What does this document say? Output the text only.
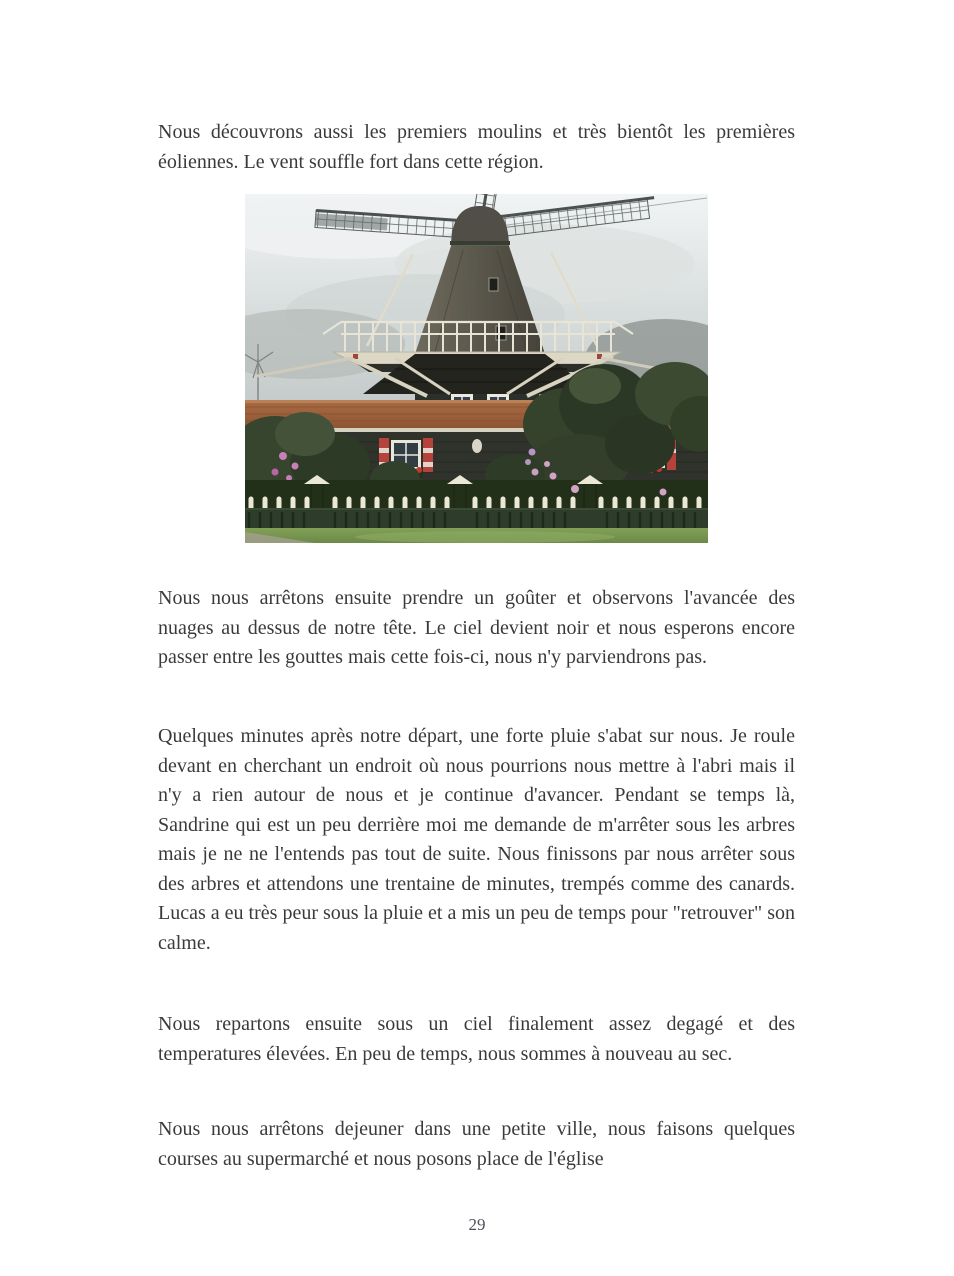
Nous découvrons aussi les premiers moulins et très bientôt les premières éoliennes. Le vent souffle fort dans cette région.

Nous nous arrêtons ensuite prendre un goûter et observons l'avancée des nuages au dessus de notre tête. Le ciel devient noir et nous esperons encore passer entre les gouttes mais cette fois-ci, nous n'y parviendrons pas.

Quelques minutes après notre départ, une forte pluie s'abat sur nous. Je roule devant en cherchant un endroit où nous pourrions nous mettre à l'abri mais il n'y a rien autour de nous et je continue d'avancer. Pendant se temps là, Sandrine qui est un peu derrière moi me demande de m'arrêter sous les arbres mais je ne ne l'entends pas tout de suite. Nous finissons par nous arrêter sous des arbres et attendons une trentaine de minutes, trempés comme des canards. Lucas a eu très peur sous la pluie et a mis un peu de temps pour "retrouver" son calme.

Nous repartons ensuite sous un ciel finalement assez degagé et des temperatures élevées. En peu de temps, nous sommes à nouveau au sec.

Nous nous arrêtons dejeuner dans une petite ville, nous faisons quelques courses au supermarché et nous posons place de l'église

29
